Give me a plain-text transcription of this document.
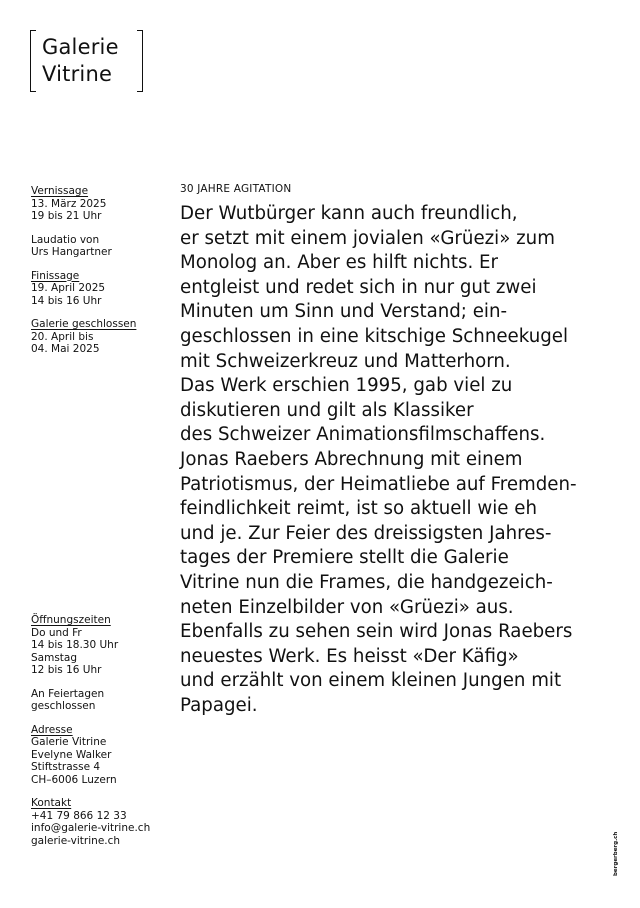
Galerie
Vitrine
Vernissage
13. März 2025
19 bis 21 Uhr
Laudatio von
Urs Hangartner
Finissage
19. April 2025
14 bis 16 Uhr
Galerie geschlossen
20. April bis
04. Mai 2025
30 JAHRE AGITATION
Der Wutbürger kann auch freundlich,
er setzt mit einem jovialen «Grüezi» zum
Monolog an. Aber es hilft nichts. Er
entgleist und redet sich in nur gut zwei
Minuten um Sinn und Verstand; ein-
geschlossen in eine kitschige Schneekugel
mit Schweizerkreuz und Matterhorn.
Das Werk erschien 1995, gab viel zu
diskutieren und gilt als Klassiker
des Schweizer Animationsfilmschaffens.
Jonas Raebers Abrechnung mit einem
Patriotismus, der Heimatliebe auf Fremden-
feindlichkeit reimt, ist so aktuell wie eh
und je. Zur Feier des dreissigsten Jahres-
tages der Premiere stellt die Galerie
Vitrine nun die Frames, die handgezeich-
neten Einzelbilder von «Grüezi» aus.
Ebenfalls zu sehen sein wird Jonas Raebers
neuestes Werk. Es heisst «Der Käfig»
und erzählt von einem kleinen Jungen mit
Papagei.
Öffnungszeiten
Do und Fr
14 bis 18.30 Uhr
Samstag
12 bis 16 Uhr
An Feiertagen
geschlossen
Adresse
Galerie Vitrine
Evelyne Walker
Stiftstrasse 4
CH–6006 Luzern
Kontakt
+41 79 866 12 33
info@galerie-vitrine.ch
galerie-vitrine.ch	bergerberg.ch
